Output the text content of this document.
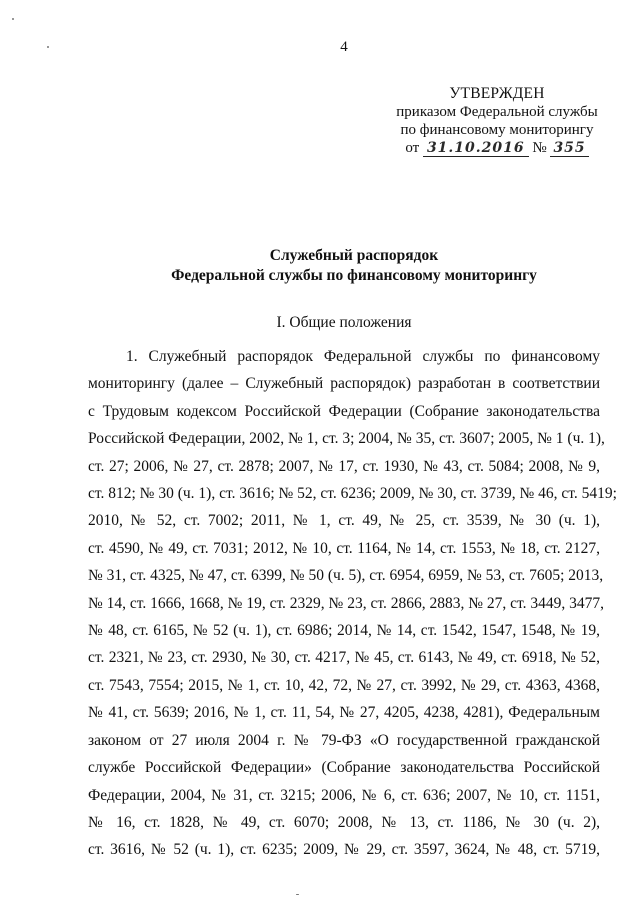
4
УТВЕРЖДЕН
приказом Федеральной службы
по финансовому мониторингу
от 31.10.2016 № 355
Служебный распорядок
Федеральной службы по финансовому мониторингу
I. Общие положения
1. Служебный распорядок Федеральной службы по финансовому
мониторингу (далее – Служебный распорядок) разработан в соответствии
с Трудовым кодексом Российской Федерации (Собрание законодательства
Российской Федерации, 2002, № 1, ст. 3; 2004, № 35, ст. 3607; 2005, № 1 (ч. 1),
ст. 27; 2006, № 27, ст. 2878; 2007, № 17, ст. 1930, № 43, ст. 5084; 2008, № 9,
ст. 812; № 30 (ч. 1), ст. 3616; № 52, ст. 6236; 2009, № 30, ст. 3739, № 46, ст. 5419;
2010, № 52, ст. 7002; 2011, № 1, ст. 49, № 25, ст. 3539, № 30 (ч. 1),
ст. 4590, № 49, ст. 7031; 2012, № 10, ст. 1164, № 14, ст. 1553, № 18, ст. 2127,
№ 31, ст. 4325, № 47, ст. 6399, № 50 (ч. 5), ст. 6954, 6959, № 53, ст. 7605; 2013,
№ 14, ст. 1666, 1668, № 19, ст. 2329, № 23, ст. 2866, 2883, № 27, ст. 3449, 3477,
№ 48, ст. 6165, № 52 (ч. 1), ст. 6986; 2014, № 14, ст. 1542, 1547, 1548, № 19,
ст. 2321, № 23, ст. 2930, № 30, ст. 4217, № 45, ст. 6143, № 49, ст. 6918, № 52,
ст. 7543, 7554; 2015, № 1, ст. 10, 42, 72, № 27, ст. 3992, № 29, ст. 4363, 4368,
№ 41, ст. 5639; 2016, № 1, ст. 11, 54, № 27, 4205, 4238, 4281), Федеральным
законом от 27 июля 2004 г. № 79-ФЗ «О государственной гражданской
службе Российской Федерации» (Собрание законодательства Российской
Федерации, 2004, № 31, ст. 3215; 2006, № 6, ст. 636; 2007, № 10, ст. 1151,
№ 16, ст. 1828, № 49, ст. 6070; 2008, № 13, ст. 1186, № 30 (ч. 2),
ст. 3616, № 52 (ч. 1), ст. 6235; 2009, № 29, ст. 3597, 3624, № 48, ст. 5719,
